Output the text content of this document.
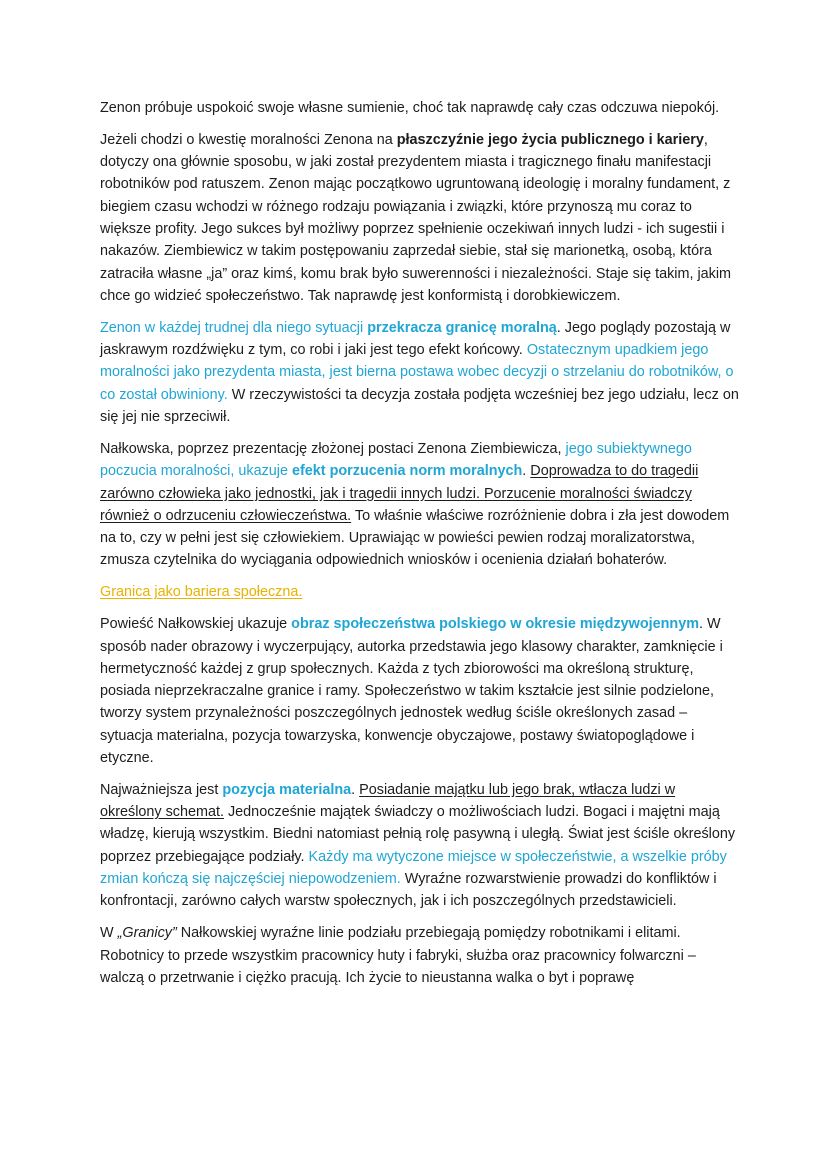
Zenon próbuje uspokoić swoje własne sumienie, choć tak naprawdę cały czas odczuwa niepokój.

Jeżeli chodzi o kwestię moralności Zenona na płaszczyźnie jego życia publicznego i kariery, dotyczy ona głównie sposobu, w jaki został prezydentem miasta i tragicznego finału manifestacji robotników pod ratuszem. Zenon mając początkowo ugruntowaną ideologię i moralny fundament, z biegiem czasu wchodzi w różnego rodzaju powiązania i związki, które przynoszą mu coraz to większe profity. Jego sukces był możliwy poprzez spełnienie oczekiwań innych ludzi - ich sugestii i nakazów. Ziembiewicz w takim postępowaniu zaprzedał siebie, stał się marionetką, osobą, która zatraciła własne „ja” oraz kimś, komu brak było suwerenności i niezależności. Staje się takim, jakim chce go widzieć społeczeństwo. Tak naprawdę jest konformistą i dorobkiewiczem.

Zenon w każdej trudnej dla niego sytuacji przekracza granicę moralną. Jego poglądy pozostają w jaskrawym rozdźwięku z tym, co robi i jaki jest tego efekt końcowy. Ostatecznym upadkiem jego moralności jako prezydenta miasta, jest bierna postawa wobec decyzji o strzelaniu do robotników, o co został obwiniony. W rzeczywistości ta decyzja została podjęta wcześniej bez jego udziału, lecz on się jej nie sprzeciwił.

Nałkowska, poprzez prezentację złożonej postaci Zenona Ziembiewicza, jego subiektywnego poczucia moralności, ukazuje efekt porzucenia norm moralnych. Doprowadza to do tragedii zarówno człowieka jako jednostki, jak i tragedii innych ludzi. Porzucenie moralności świadczy również o odrzuceniu człowieczeństwa. To właśnie właściwe rozróżnienie dobra i zła jest dowodem na to, czy w pełni jest się człowiekiem. Uprawiając w powieści pewien rodzaj moralizatorstwa, zmusza czytelnika do wyciągania odpowiednich wniosków i ocenienia działań bohaterów.

Granica jako bariera społeczna.

Powieść Nałkowskiej ukazuje obraz społeczeństwa polskiego w okresie międzywojennym. W sposób nader obrazowy i wyczerpujący, autorka przedstawia jego klasowy charakter, zamknięcie i hermetyczność każdej z grup społecznych. Każda z tych zbiorowości ma określoną strukturę, posiada nieprzekraczalne granice i ramy. Społeczeństwo w takim kształcie jest silnie podzielone, tworzy system przynależności poszczególnych jednostek według ściśle określonych zasad – sytuacja materialna, pozycja towarzyska, konwencje obyczajowe, postawy światopoglądowe i etyczne.

Najważniejsza jest pozycja materialna. Posiadanie majątku lub jego brak, wtłacza ludzi w określony schemat. Jednocześnie majątek świadczy o możliwościach ludzi. Bogaci i majętni mają władzę, kierują wszystkim. Biedni natomiast pełnią rolę pasywną i uległą. Świat jest ściśle określony poprzez przebiegające podziały. Każdy ma wytyczone miejsce w społeczeństwie, a wszelkie próby zmian kończą się najczęściej niepowodzeniem. Wyraźne rozwarstwienie prowadzi do konfliktów i konfrontacji, zarówno całych warstw społecznych, jak i ich poszczególnych przedstawicieli.

W „Granicy” Nałkowskiej wyraźne linie podziału przebiegają pomiędzy robotnikami i elitami. Robotnicy to przede wszystkim pracownicy huty i fabryki, służba oraz pracownicy folwarczni – walczą o przetrwanie i ciężko pracują. Ich życie to nieustanna walka o byt i poprawę
